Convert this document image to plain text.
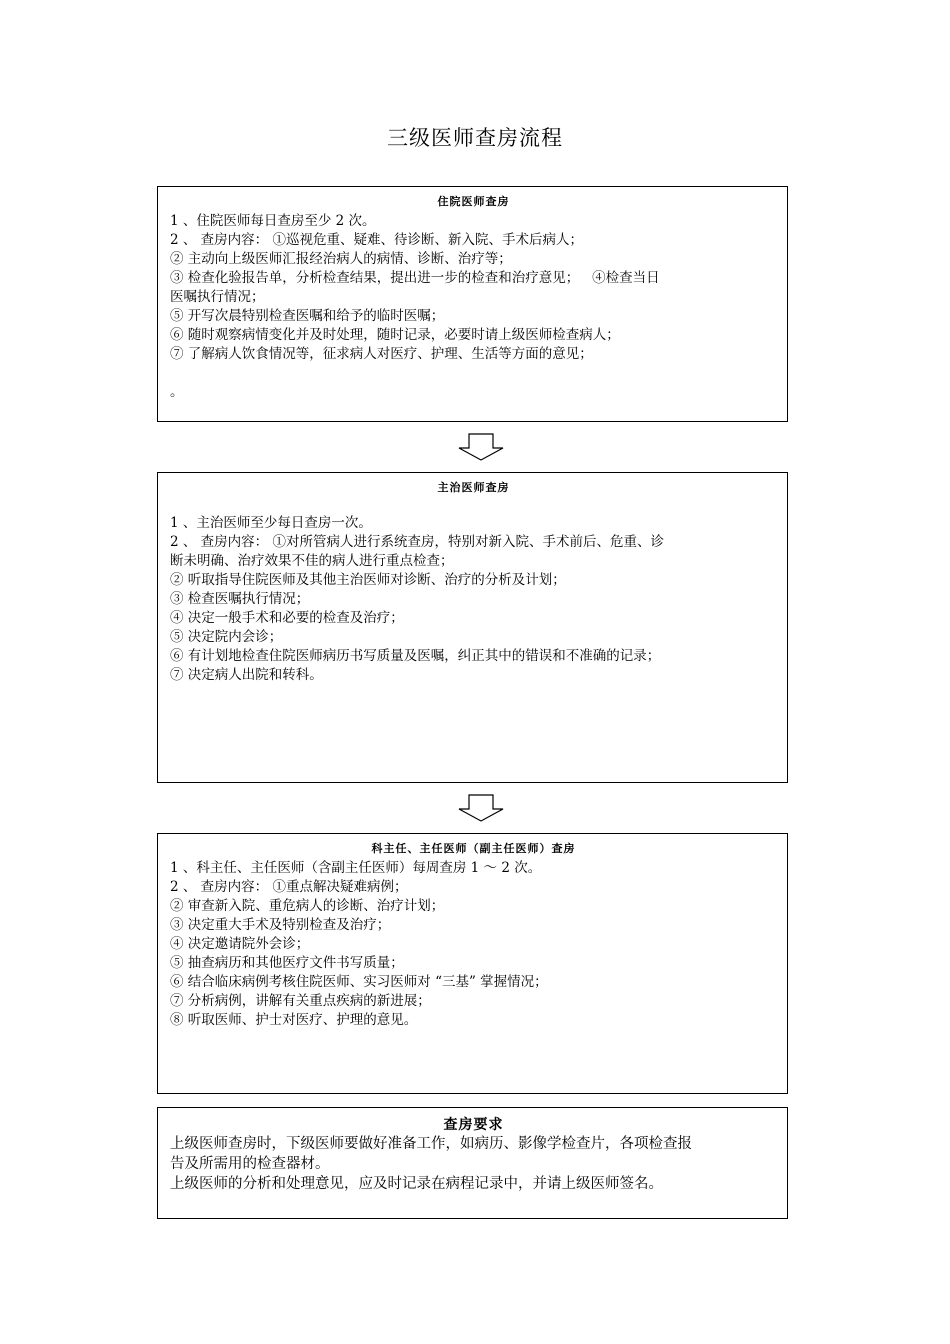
三级医师查房流程
住院医师查房
1 、住院医师每日查房至少 2 次。
2 、 查房内容： ①巡视危重、疑难、待诊断、新入院、手术后病人；
② 主动向上级医师汇报经治病人的病情、诊断、治疗等；
③ 检查化验报告单，分析检查结果，提出进一步的检查和治疗意见；   ④检查当日
医嘱执行情况；
⑤ 开写次晨特别检查医嘱和给予的临时医嘱；
⑥ 随时观察病情变化并及时处理，随时记录，必要时请上级医师检查病人；
⑦ 了解病人饮食情况等，征求病人对医疗、护理、生活等方面的意见；
。
主治医师查房
1 、主治医师至少每日查房一次。
2 、 查房内容： ①对所管病人进行系统查房，特别对新入院、手术前后、危重、诊
断未明确、治疗效果不佳的病人进行重点检查；
② 听取指导住院医师及其他主治医师对诊断、治疗的分析及计划；
③ 检查医嘱执行情况；
④ 决定一般手术和必要的检查及治疗；
⑤ 决定院内会诊；
⑥ 有计划地检查住院医师病历书写质量及医嘱，纠正其中的错误和不准确的记录；
⑦ 决定病人出院和转科。
科主任、主任医师（副主任医师）查房
1 、科主任、主任医师（含副主任医师）每周查房 1 ～ 2 次。
2 、 查房内容： ①重点解决疑难病例；
② 审查新入院、重危病人的诊断、治疗计划；
③ 决定重大手术及特别检查及治疗；
④ 决定邀请院外会诊；
⑤ 抽查病历和其他医疗文件书写质量；
⑥ 结合临床病例考核住院医师、实习医师对 “三基” 掌握情况；
⑦ 分析病例，讲解有关重点疾病的新进展；
⑧ 听取医师、护士对医疗、护理的意见。
查房要求
上级医师查房时，下级医师要做好准备工作，如病历、影像学检查片，各项检查报
告及所需用的检查器材。
上级医师的分析和处理意见，应及时记录在病程记录中，并请上级医师签名。
